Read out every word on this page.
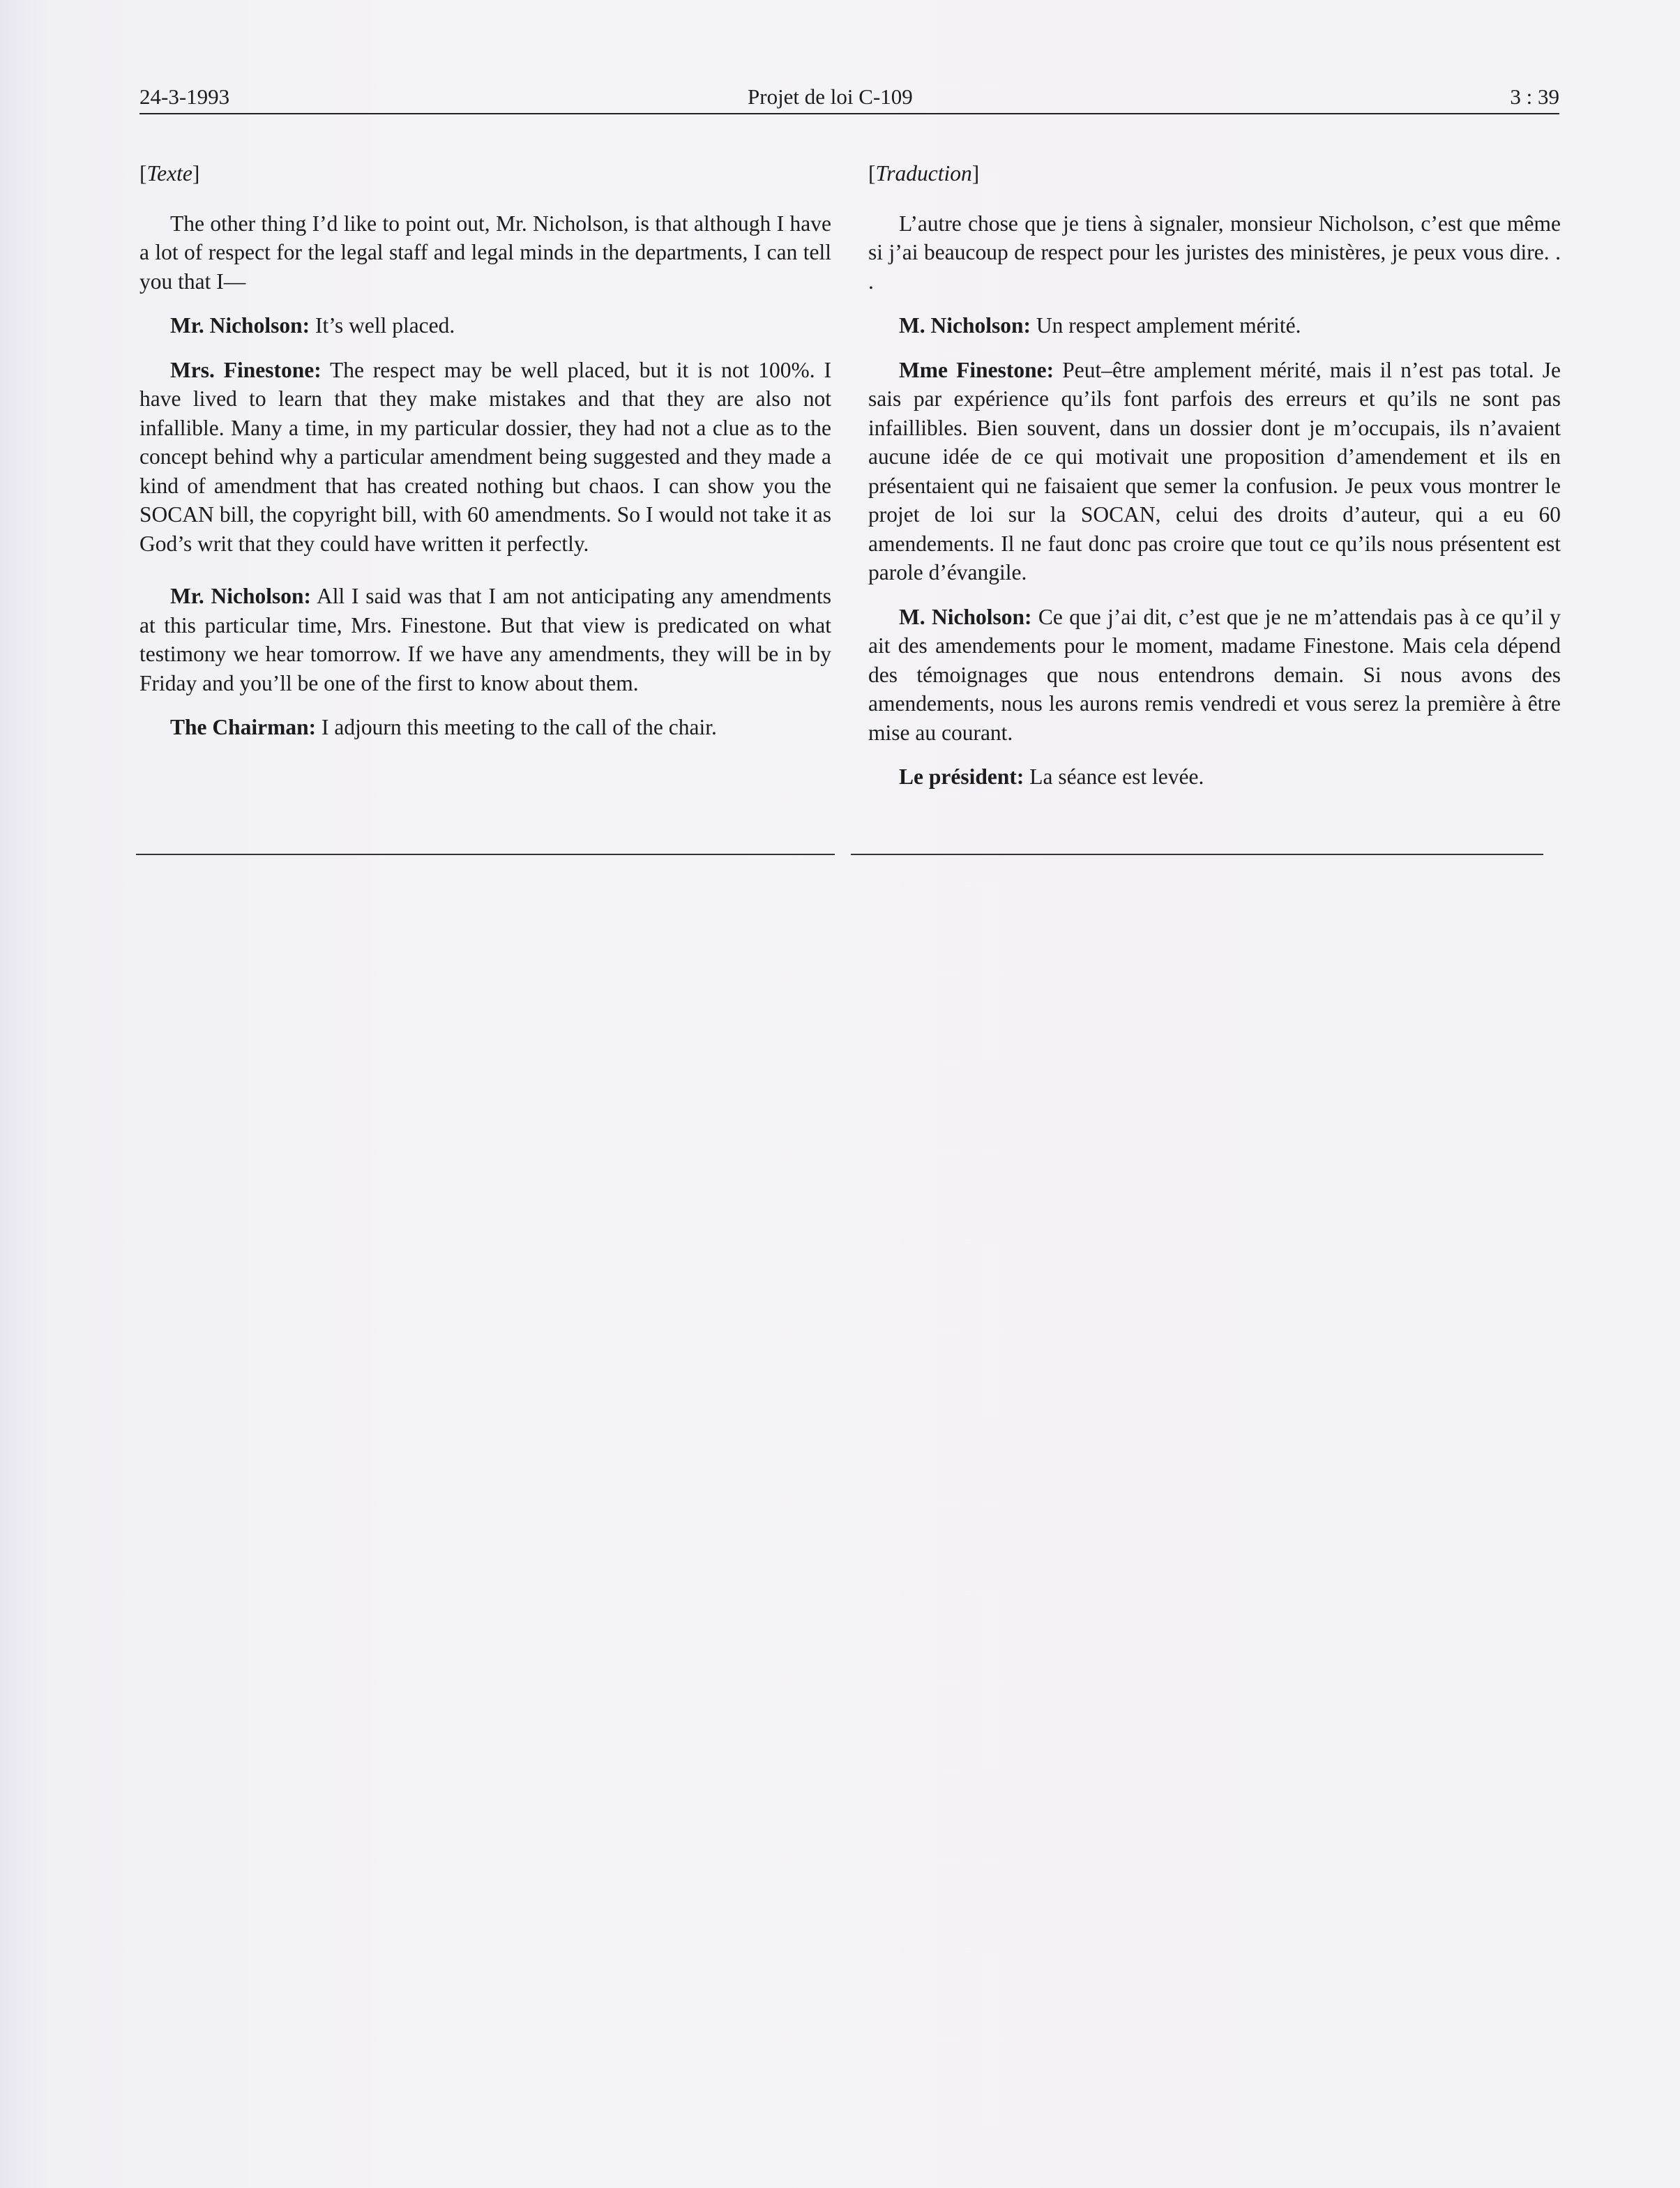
24-3-1993	Projet de loi C-109	3 : 39

[Texte]

The other thing I’d like to point out, Mr. Nicholson, is that although I have a lot of respect for the legal staff and legal minds in the departments, I can tell you that I—

Mr. Nicholson: It’s well placed.

Mrs. Finestone: The respect may be well placed, but it is not 100%. I have lived to learn that they make mistakes and that they are also not infallible. Many a time, in my particular dossier, they had not a clue as to the concept behind why a particular amendment being suggested and they made a kind of amendment that has created nothing but chaos. I can show you the SOCAN bill, the copyright bill, with 60 amendments. So I would not take it as God’s writ that they could have written it perfectly.

Mr. Nicholson: All I said was that I am not anticipating any amendments at this particular time, Mrs. Finestone. But that view is predicated on what testimony we hear tomorrow. If we have any amendments, they will be in by Friday and you’ll be one of the first to know about them.

The Chairman: I adjourn this meeting to the call of the chair.

[Traduction]

L’autre chose que je tiens à signaler, monsieur Nicholson, c’est que même si j’ai beaucoup de respect pour les juristes des ministères, je peux vous dire. . .

M. Nicholson: Un respect amplement mérité.

Mme Finestone: Peut–être amplement mérité, mais il n’est pas total. Je sais par expérience qu’ils font parfois des erreurs et qu’ils ne sont pas infaillibles. Bien souvent, dans un dossier dont je m’occupais, ils n’avaient aucune idée de ce qui motivait une proposition d’amendement et ils en présentaient qui ne faisaient que semer la confusion. Je peux vous montrer le projet de loi sur la SOCAN, celui des droits d’auteur, qui a eu 60 amendements. Il ne faut donc pas croire que tout ce qu’ils nous présentent est parole d’évangile.

M. Nicholson: Ce que j’ai dit, c’est que je ne m’attendais pas à ce qu’il y ait des amendements pour le moment, madame Finestone. Mais cela dépend des témoignages que nous entendrons demain. Si nous avons des amendements, nous les aurons remis vendredi et vous serez la première à être mise au courant.

Le président: La séance est levée.
